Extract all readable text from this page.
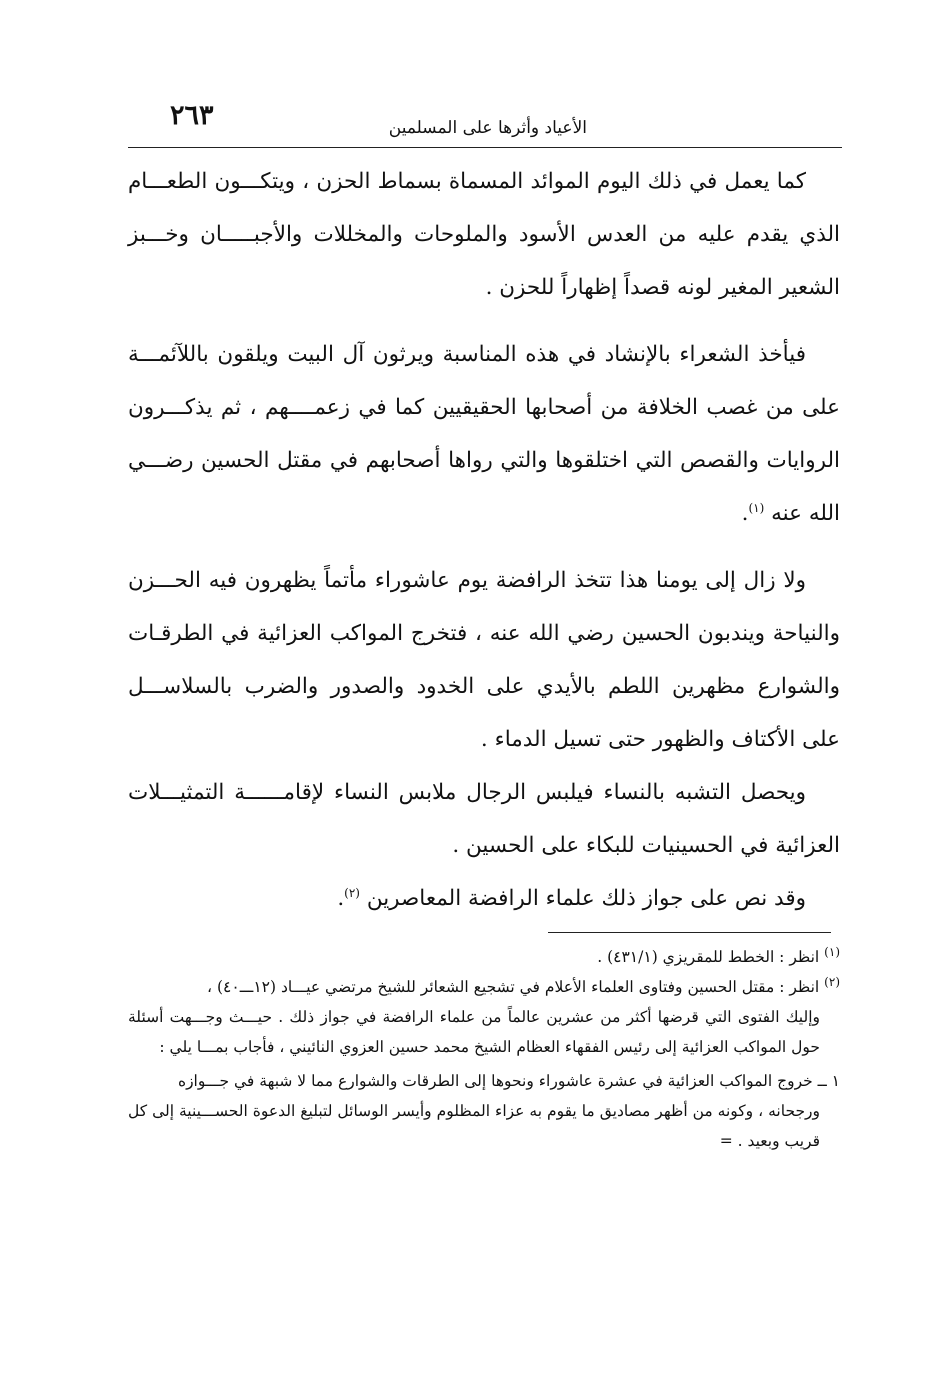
الأعياد وأثرها على المسلمين
٢٦٣

كما يعمل في ذلك اليوم الموائد المسماة بسماط الحزن ، ويتكـــون الطعـــام الذي يقدم عليه من العدس الأسود والملوحات والمخللات والأجبـــــان وخـــبز الشعير المغير لونه قصداً إظهاراً للحزن .

فيأخذ الشعراء بالإنشاد في هذه المناسبة ويرثون آل البيت ويلقون باللآئمـــة على من غصب الخلافة من أصحابها الحقيقيين كما في زعمــــهم ، ثم يذكـــرون الروايات والقصص التي اختلقوها والتي رواها أصحابهم في مقتل الحسين رضـــي الله عنه $^{(١)}$.

ولا زال إلى يومنا هذا تتخذ الرافضة يوم عاشوراء مأتماً يظهرون فيه الحـــزن والنياحة ويندبون الحسين رضي الله عنه ، فتخرج المواكب العزائية في الطرقـات والشوارع مظهرين اللطم بالأيدي على الخدود والصدور والضرب بالسلاســـل على الأكتاف والظهور حتى تسيل الدماء .

ويحصل التشبه بالنساء فيلبس الرجال ملابس النساء لإقامــــــة التمثيـــلات العزائية في الحسينيات للبكاء على الحسين .

وقد نص على جواز ذلك علماء الرافضة المعاصرين $^{(٢)}$.

$^{(١)}$ انظر : الخطط للمقريزي (٤٣١/١) .

$^{(٢)}$ انظر : مقتل الحسين وفتاوى العلماء الأعلام في تشجيع الشعائر للشيخ مرتضي عيـــاد (١٢ـــ٤٠) ،

وإليك الفتوى التي قرضها أكثر من عشرين عالماً من علماء الرافضة في جواز ذلك . حيـــث وجـــهت أسئلة حول المواكب العزائية إلى رئيس الفقهاء العظام الشيخ محمد حسين العزوي النائيني ، فأجاب بمـــا يلي :

١ ــ خروج المواكب العزائية في عشرة عاشوراء ونحوها إلى الطرقات والشوارع مما لا شبهة في جـــوازه

ورجحانه ، وكونه من أظهر مصاديق ما يقوم به عزاء المظلوم وأيسر الوسائل لتبليغ الدعوة الحســـينية إلى كل قريب وبعيد . =
